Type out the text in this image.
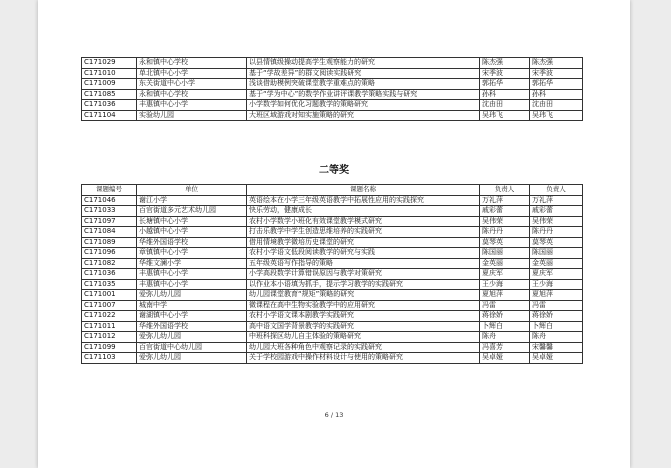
C171029	永和镇中心学校	以县情镇级操动提高学生观察能力的研究	陈杰强	陈杰强
C171010	单北镇中心小学	基于“学故差异”的群文阅读实践研究	宋季波	宋季波
C171009	东关街道中心小学	浅谈借助模例突破课堂教学重难点的策略	郭拓华	郭拓华
C171085	永和镇中心学校	基于“学为中心”的数学作业讲评课教学策略实践与研究	孙科	孙科
C171036	丰惠镇中心小学	小学数学如何优化习题教学的策略研究	沈由田	沈由田
C171104	实验幼儿园	大班区域游戏对知实施策略的研究	吴玮飞	吴玮飞
二等奖
课题编号	单位	课题名称	负责人	负责人
C171046	谢江小学	英语绘本在小学三年级英语教学中拓展性应用的实践探究	万礼萍	万礼萍
C171033	百官街道多元艺术幼儿园	快乐劳动，健康成长	戚彩蕾	戚彩蕾
C171097	长塘镇中心小学	农村小学数学小班化有效课堂教学模式研究	吴伟荣	吴伟荣
C171084	小越镇中心小学	打击乐教学中学生创造思维培养的实践研究	陈丹丹	陈丹丹
C171089	华维外国语学校	借用情境教学微培历史课堂的研究	莫琴英	莫琴英
C171096	章镇镇中心小学	农村小学语文低段阅读教学的研究与实践	陈国丽	陈国丽
C171082	华维文澜小学	五年级英语写作指导的策略	金英丽	金英丽
C171036	丰惠镇中心小学	小学高段数学计算错误原因与教学对策研究	夏庆军	夏庆军
C171035	丰惠镇中心小学	以作业本小语填为抓手，提示学习教学的实践研究	王少海	王少海
C171001	爱弥儿幼儿园	幼儿园课堂教育“规矩”策略的研究	夏旭萍	夏旭萍
C171007	城南中学	微课程在高中生物实验教学中的应用研究	冯雷	冯雷
C171022	谢湖镇中心小学	农村小学语文课本剧教学实践研究	蒋徐娇	蒋徐娇
C171011	华维外国语学校	高中语文国学背景教学的实践研究	卜辉白	卜辉白
C171012	爱弥儿幼儿园	中班科探区幼儿自主体验的策略研究	陈舟	陈舟
C171099	百官街道中心幼儿园	幼儿园大班各种角色中观察记录的实践研究	冯喜芳	宋馨馨
C171103	爱弥儿幼儿园	关于学校园游戏中操作材料设计与使用的策略研究	吴卓娅	吴卓娅
6 / 13
